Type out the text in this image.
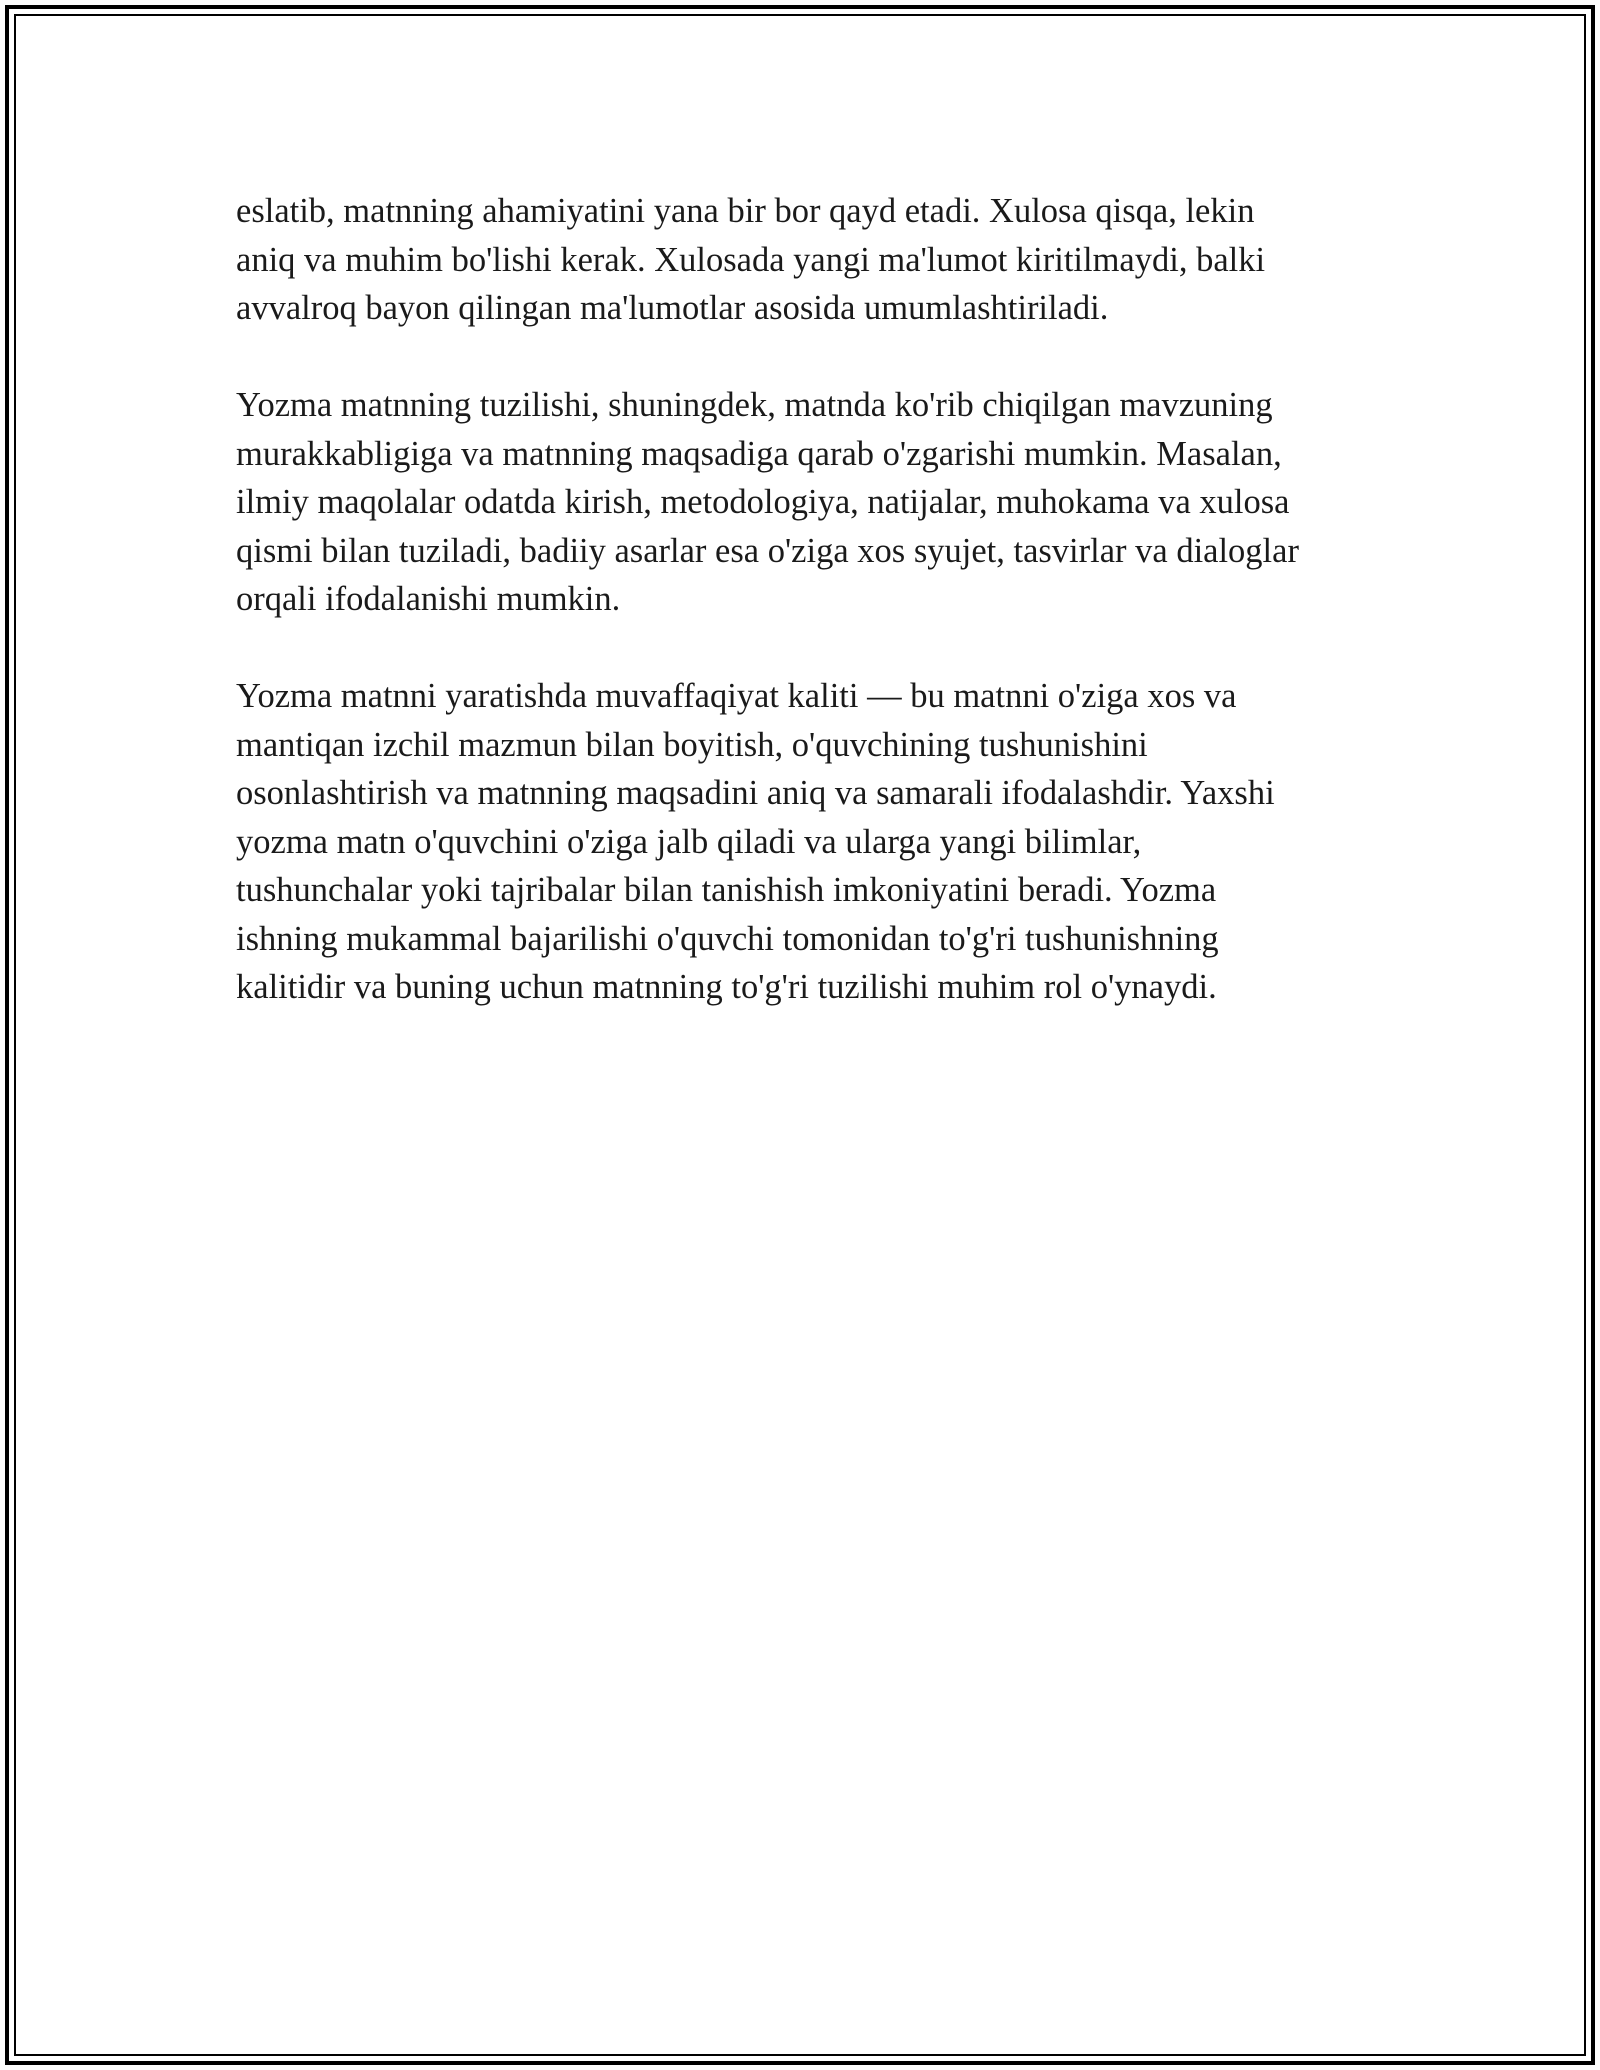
eslatib, matnning ahamiyatini yana bir bor qayd etadi. Xulosa qisqa, lekin
aniq va muhim bo'lishi kerak. Xulosada yangi ma'lumot kiritilmaydi, balki
avvalroq bayon qilingan ma'lumotlar asosida umumlashtiriladi.

Yozma matnning tuzilishi, shuningdek, matnda ko'rib chiqilgan mavzuning
murakkabligiga va matnning maqsadiga qarab o'zgarishi mumkin. Masalan,
ilmiy maqolalar odatda kirish, metodologiya, natijalar, muhokama va xulosa
qismi bilan tuziladi, badiiy asarlar esa o'ziga xos syujet, tasvirlar va dialoglar
orqali ifodalanishi mumkin.

Yozma matnni yaratishda muvaffaqiyat kaliti — bu matnni o'ziga xos va
mantiqan izchil mazmun bilan boyitish, o'quvchining tushunishini
osonlashtirish va matnning maqsadini aniq va samarali ifodalashdir. Yaxshi
yozma matn o'quvchini o'ziga jalb qiladi va ularga yangi bilimlar,
tushunchalar yoki tajribalar bilan tanishish imkoniyatini beradi. Yozma
ishning mukammal bajarilishi o'quvchi tomonidan to'g'ri tushunishning
kalitidir va buning uchun matnning to'g'ri tuzilishi muhim rol o'ynaydi.
